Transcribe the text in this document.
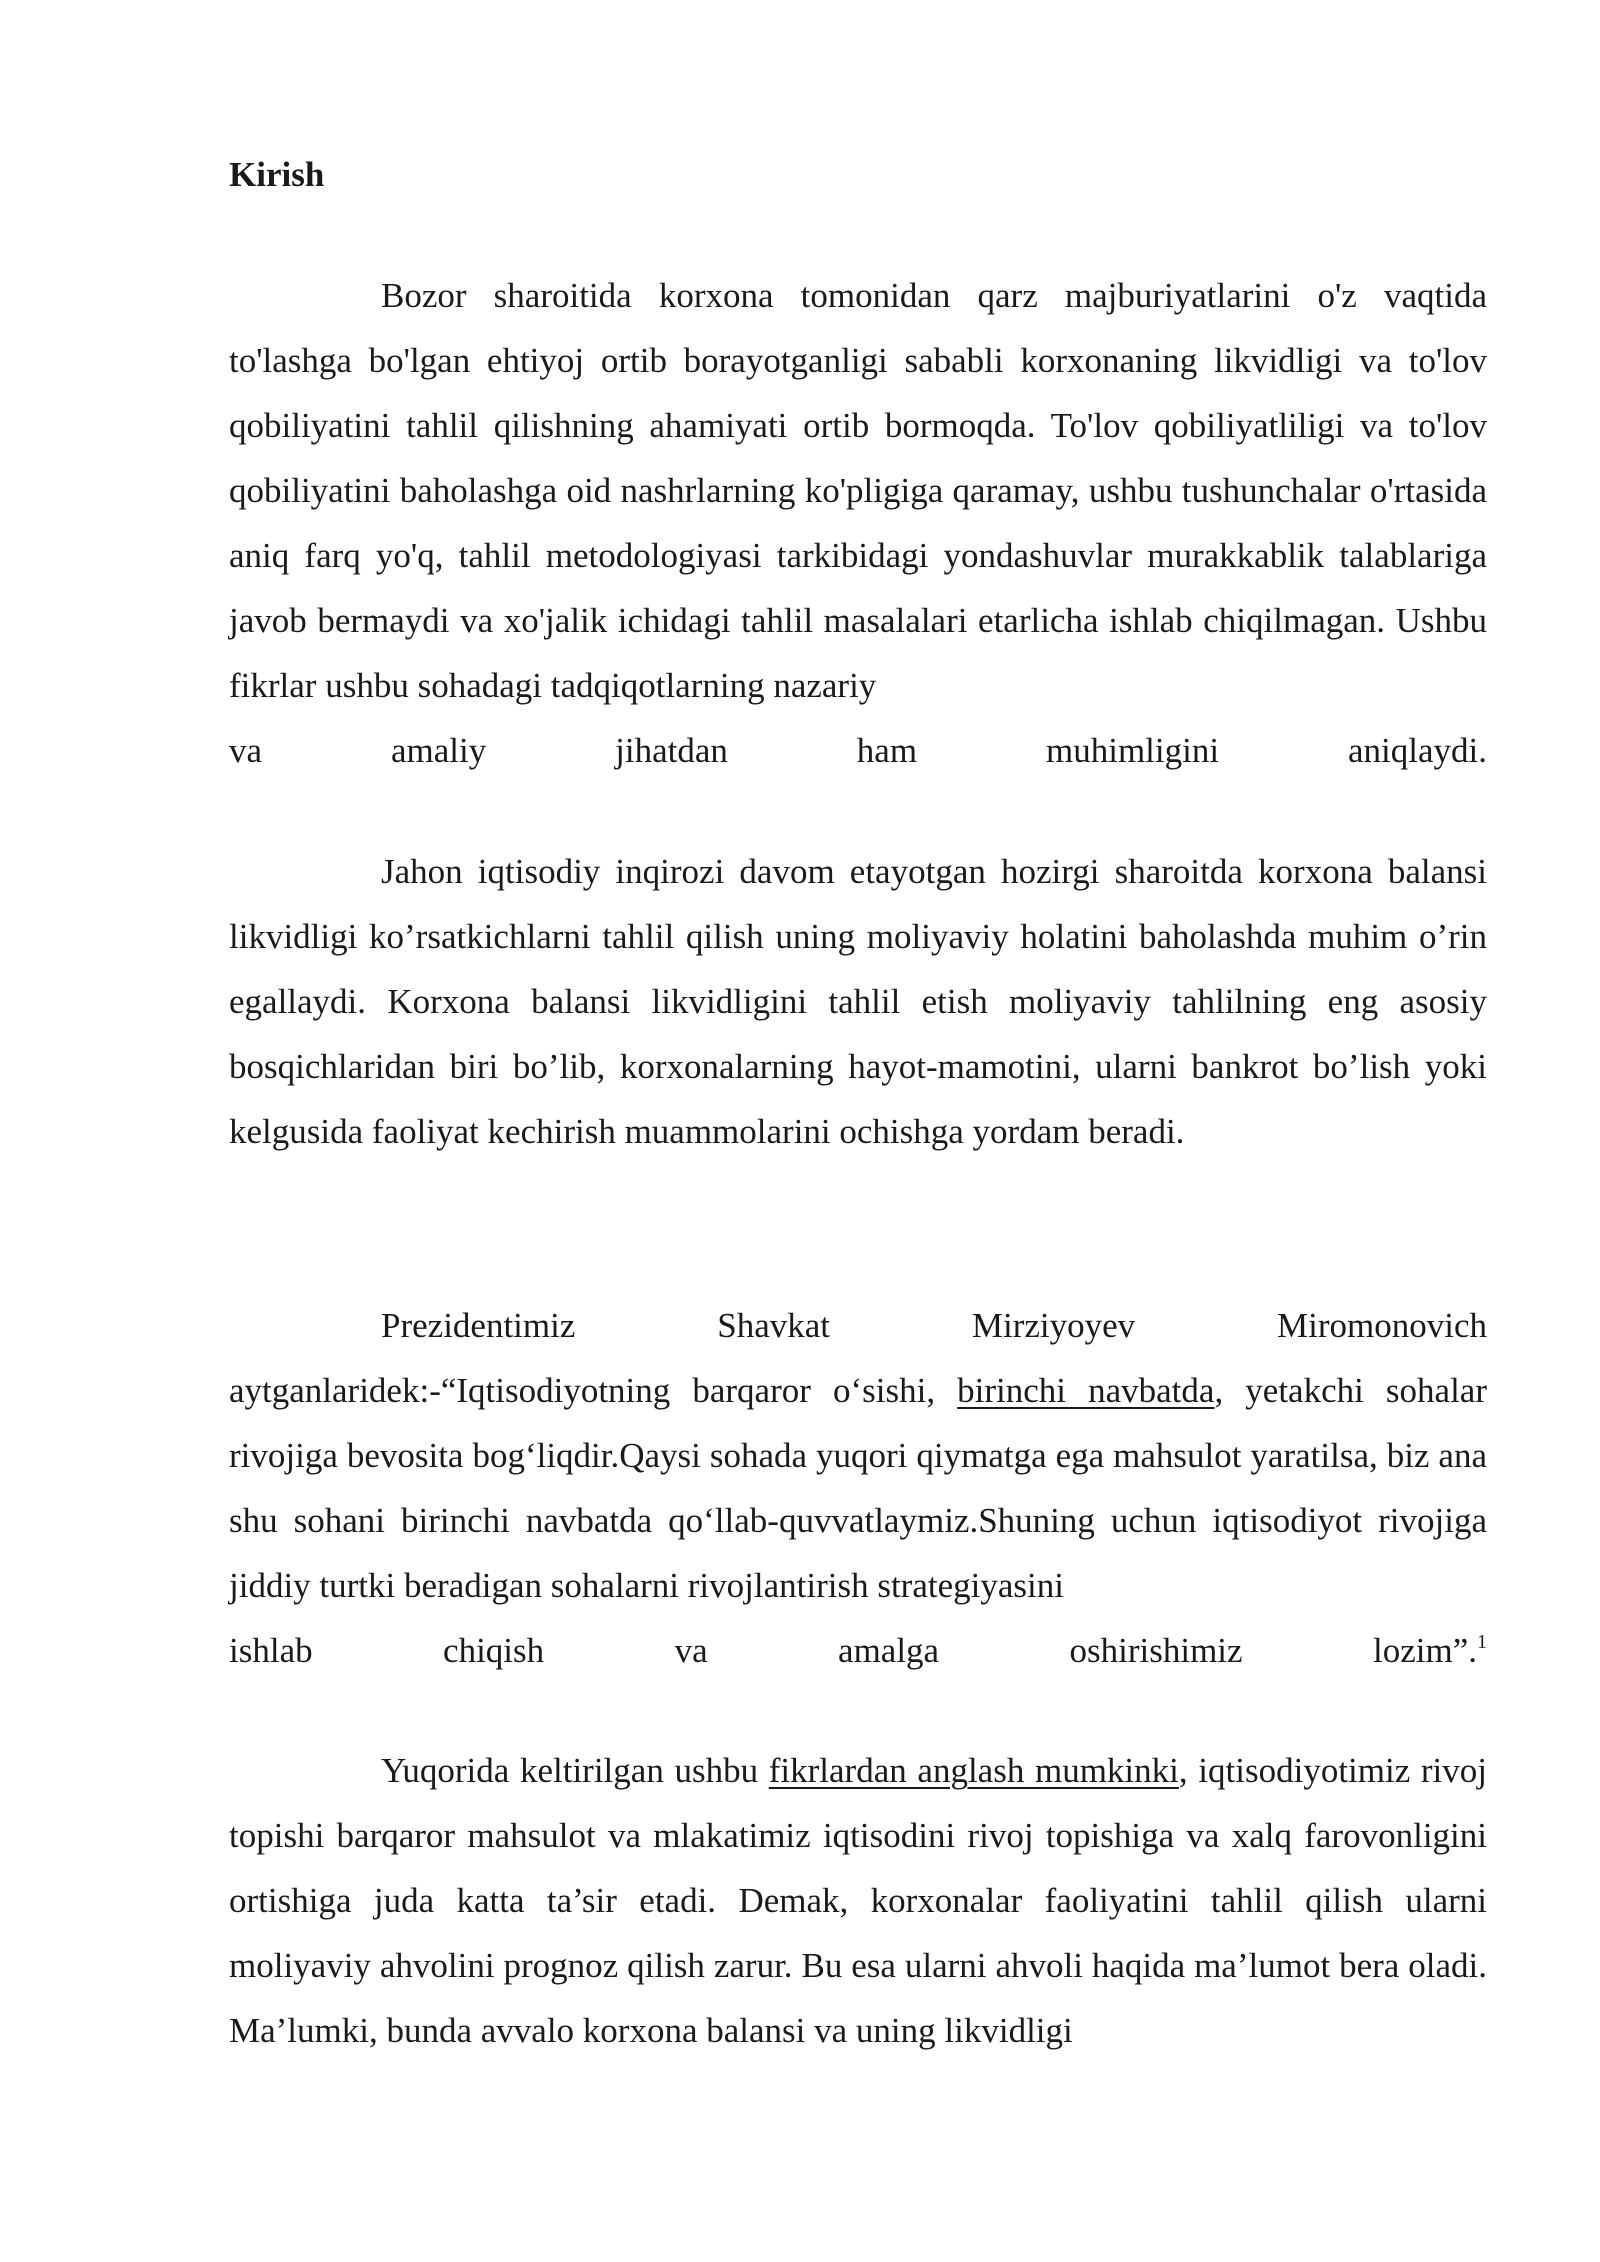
Kirish

Bozor sharoitida korxona tomonidan qarz majburiyatlarini o'z vaqtida to'lashga bo'lgan ehtiyoj ortib borayotganligi sababli korxonaning likvidligi va to'lov qobiliyatini tahlil qilishning ahamiyati ortib bormoqda. To'lov qobiliyatliligi va to'lov qobiliyatini baholashga oid nashrlarning ko'pligiga qaramay, ushbu tushunchalar o'rtasida aniq farq yo'q, tahlil metodologiyasi tarkibidagi yondashuvlar murakkablik talablariga javob bermaydi va xo'jalik ichidagi tahlil masalalari etarlicha ishlab chiqilmagan. Ushbu fikrlar ushbu sohadagi tadqiqotlarning nazariy
va amaliy jihatdan ham muhimligini aniqlaydi.

Jahon iqtisodiy inqirozi davom etayotgan hozirgi sharoitda korxona balansi likvidligi ko’rsatkichlarni tahlil qilish uning moliyaviy holatini baholashda muhim o’rin egallaydi. Korxona balansi likvidligini tahlil etish moliyaviy tahlilning eng asosiy bosqichlaridan biri bo’lib, korxonalarning hayot-mamotini, ularni bankrot bo’lish yoki kelgusida faoliyat kechirish muammolarini ochishga yordam beradi.

Prezidentimiz Shavkat Mirziyoyev Miromonovich aytganlaridek:-“Iqtisodiyotning barqaror o‘sishi, birinchi navbatda, yetakchi sohalar rivojiga bevosita bog‘liqdir.Qaysi sohada yuqori qiymatga ega mahsulot yaratilsa, biz ana shu sohani birinchi navbatda qo‘llab-quvvatlaymiz.Shuning uchun iqtisodiyot rivojiga jiddiy turtki beradigan sohalarni rivojlantirish strategiyasini
ishlab chiqish va amalga oshirishimiz lozim”.$^1$

Yuqorida keltirilgan ushbu fikrlardan anglash mumkinki, iqtisodiyotimiz rivoj topishi barqaror mahsulot va mlakatimiz iqtisodini rivoj topishiga va xalq farovonligini ortishiga juda katta ta’sir etadi. Demak, korxonalar faoliyatini tahlil qilish ularni moliyaviy ahvolini prognoz qilish zarur. Bu esa ularni ahvoli haqida ma’lumot bera oladi. Ma’lumki, bunda avvalo korxona balansi va uning likvidligi
